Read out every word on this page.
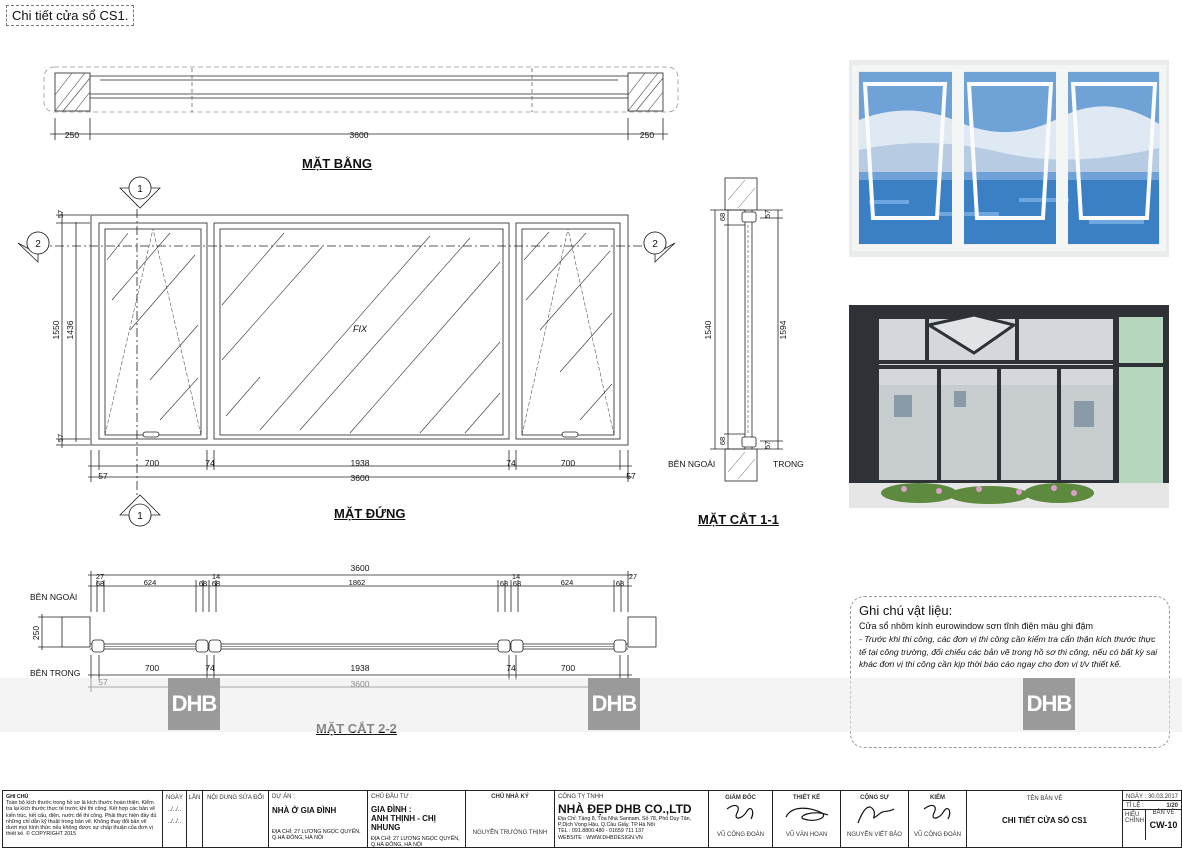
Chi tiết cửa sổ CS1.
250	3600	250
FIX
1
1
2	2
1550 1436
57
57
700	74	1938	74	700
57	57
3600
68
1540
68
57
1594
57
BÊN NGOÀI	TRONG
BÊN NGOÀI
BÊN TRONG
250
3600
27
68	624	68
14
68	1862	68
14
68	624	68
27
700	74	1938	74	700
MẶT BẰNG
MẶT ĐỨNG	MẶT CẮT 1-1
Ghi chú vật liệu:
Cửa sổ nhôm kính eurowindow sơn tĩnh điện màu ghi đậm
- Trước khi thi công, các đơn vị thi công cần kiểm tra cẩn thận kích thước thực tế tại công trường, đối chiếu các bản vẽ trong hồ sơ thi công, nếu có bất kỳ sai khác đơn vị thi công cần kịp thời báo cáo ngay cho đơn vị t/v thiết kế.
DHB	DHB	DHB
GHI CHÚ
Toàn bộ kích thước trong hồ sơ là kích thước hoàn thiện. Kiểm tra lại kích thước thực tế trước khi thi công. Kết hợp các bản vẽ kiến trúc, kết cấu, điện, nước để thi công. Phải thực hiện đầy đủ những chỉ dẫn kỹ thuật trong bản vẽ. Không thay đổi bản vẽ dưới mọi hình thức nếu không được sự chấp thuận của đơn vị thiết kế. © COPYRIGHT 2015
NGÀY
../../..
../../..
LẦN	NỘI DUNG SỬA ĐỔI	DỰ ÁN :
NHÀ Ở GIA ĐÌNH
ĐỊA CHỈ: 27 LƯƠNG NGỌC QUYẾN, Q.HÀ ĐÔNG, HÀ NỘI
CHỦ ĐẦU TƯ :
GIA ĐÌNH :
ANH THỊNH - CHỊ NHUNG
ĐỊA CHỈ: 27 LƯƠNG NGỌC QUYẾN, Q.HÀ ĐÔNG, HÀ NỘI
CHỦ NHÀ KÝ
NGUYỄN TRƯỜNG THỊNH
CÔNG TY TNHH
NHÀ ĐẸP DHB CO.,LTD
Địa Chỉ: Tầng 8, Tòa Nhà Sannam, Số 78, Phố Duy Tân, P.Dịch Vọng Hậu, Q.Cầu Giấy, TP.Hà Nội
TEL : 091.8800.480 - 01659 711 137
WEBSITE : WWW.DHBDESIGN.VN
GIÁM ĐỐC
VŨ CÔNG ĐOÀN
THIẾT KẾ
VŨ VĂN HOAN
CỘNG SỰ
NGUYỄN VIẾT BẢO
KIỂM
VŨ CÔNG ĐOÀN
TÊN BẢN VẼ
CHI TIẾT CỬA SỔ CS1
NGÀY : 30.03.2017
TỈ LỆ :	1/20
HIỆU CHỈNH
BẢN VẼ
CW-10
